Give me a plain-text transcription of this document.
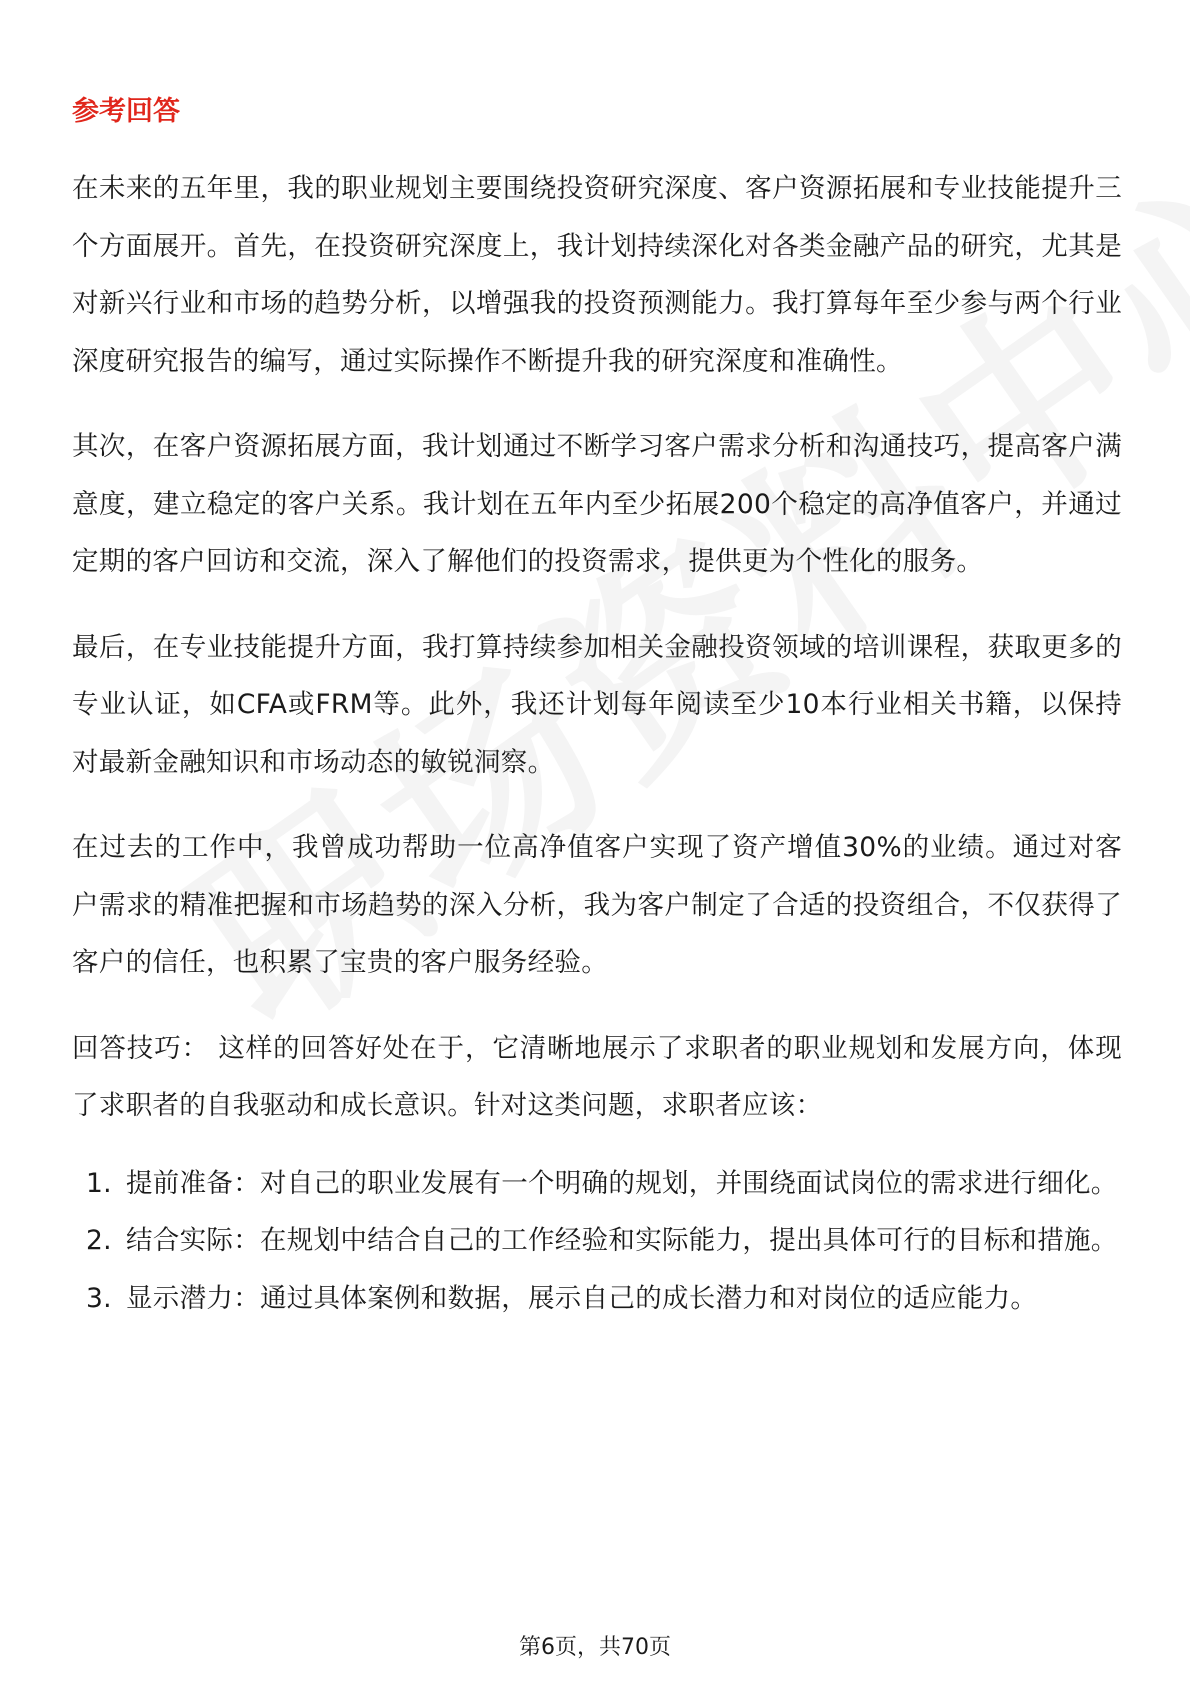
参考回答

在未来的五年里，我的职业规划主要围绕投资研究深度、客户资源拓展和专业技能提升三个方面展开。首先，在投资研究深度上，我计划持续深化对各类金融产品的研究，尤其是对新兴行业和市场的趋势分析，以增强我的投资预测能力。我打算每年至少参与两个行业深度研究报告的编写，通过实际操作不断提升我的研究深度和准确性。

其次，在客户资源拓展方面，我计划通过不断学习客户需求分析和沟通技巧，提高客户满意度，建立稳定的客户关系。我计划在五年内至少拓展200个稳定的高净值客户，并通过定期的客户回访和交流，深入了解他们的投资需求，提供更为个性化的服务。

最后，在专业技能提升方面，我打算持续参加相关金融投资领域的培训课程，获取更多的专业认证，如CFA或FRM等。此外，我还计划每年阅读至少10本行业相关书籍，以保持对最新金融知识和市场动态的敏锐洞察。

在过去的工作中，我曾成功帮助一位高净值客户实现了资产增值30%的业绩。通过对客户需求的精准把握和市场趋势的深入分析，我为客户制定了合适的投资组合，不仅获得了客户的信任，也积累了宝贵的客户服务经验。

回答技巧： 这样的回答好处在于，它清晰地展示了求职者的职业规划和发展方向，体现了求职者的自我驱动和成长意识。针对这类问题，求职者应该：

1. 提前准备：对自己的职业发展有一个明确的规划，并围绕面试岗位的需求进行细化。
2. 结合实际：在规划中结合自己的工作经验和实际能力，提出具体可行的目标和措施。
3. 显示潜力：通过具体案例和数据，展示自己的成长潜力和对岗位的适应能力。
第6页，共70页
